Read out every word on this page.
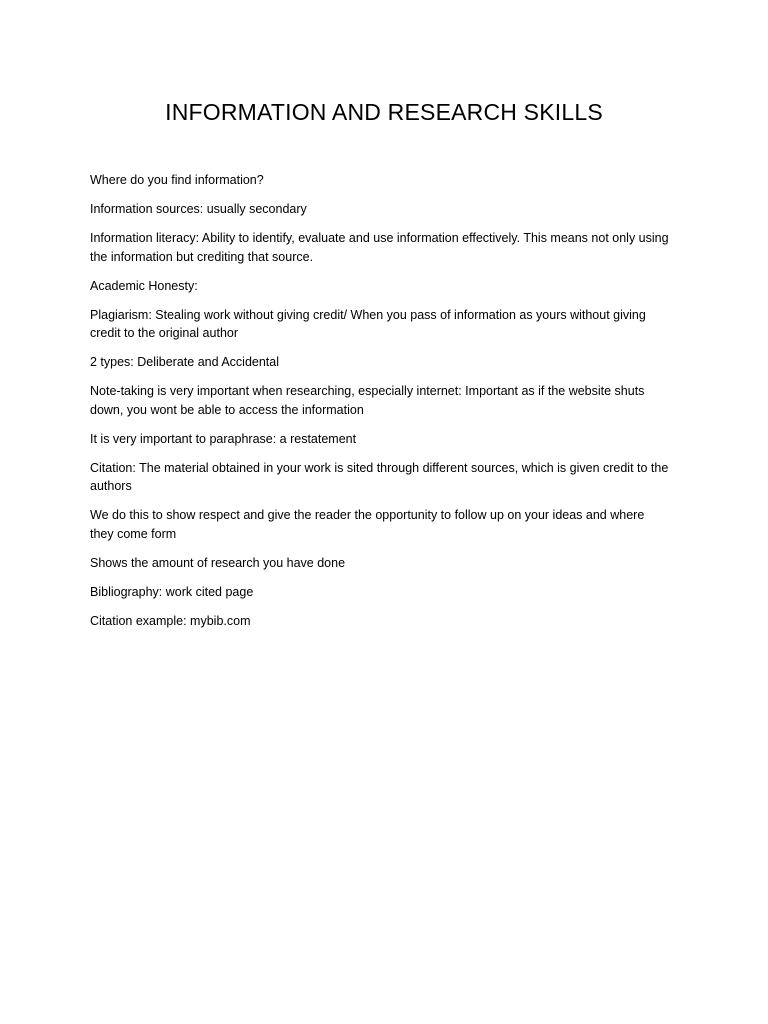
INFORMATION AND RESEARCH SKILLS

Where do you find information?

Information sources: usually secondary

Information literacy: Ability to identify, evaluate and use information effectively. This means not only using the information but crediting that source.

Academic Honesty:

Plagiarism: Stealing work without giving credit/ When you pass of information as yours without giving credit to the original author

2 types: Deliberate and Accidental

Note-taking is very important when researching, especially internet: Important as if the website shuts down, you wont be able to access the information

It is very important to paraphrase: a restatement

Citation: The material obtained in your work is sited through different sources, which is given credit to the authors

We do this to show respect and give the reader the opportunity to follow up on your ideas and where they come form

Shows the amount of research you have done

Bibliography: work cited page

Citation example: mybib.com
